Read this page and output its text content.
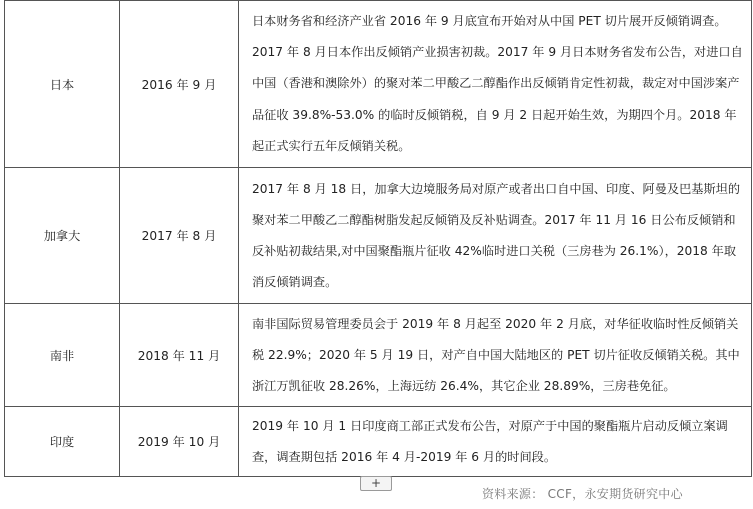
日本	2016 年 9 月	日本财务省和经济产业省 2016 年 9 月底宣布开始对从中国 PET 切片展开反倾销调查。2017 年 8 月日本作出反倾销产业损害初裁。2017 年 9 月日本财务省发布公告，对进口自中国（香港和澳除外）的聚对苯二甲酸乙二醇酯作出反倾销肯定性初裁，裁定对中国涉案产品征收 39.8%-53.0% 的临时反倾销税，自 9 月 2 日起开始生效，为期四个月。2018 年起正式实行五年反倾销关税。
加拿大	2017 年 8 月	2017 年 8 月 18 日，加拿大边境服务局对原产或者出口自中国、印度、阿曼及巴基斯坦的聚对苯二甲酸乙二醇酯树脂发起反倾销及反补贴调查。2017 年 11 月 16 日公布反倾销和反补贴初裁结果,对中国聚酯瓶片征收 42%临时进口关税（三房巷为 26.1%），2018 年取消反倾销调查。
南非	2018 年 11 月	南非国际贸易管理委员会于 2019 年 8 月起至 2020 年 2 月底，对华征收临时性反倾销关税 22.9%；2020 年 5 月 19 日，对产自中国大陆地区的 PET 切片征收反倾销关税。其中浙江万凯征收 28.26%，上海远纺 26.4%，其它企业 28.89%，三房巷免征。
印度	2019 年 10 月	2019 年 10 月 1 日印度商工部正式发布公告，对原产于中国的聚酯瓶片启动反倾立案调查，调查期包括 2016 年 4 月-2019 年 6 月的时间段。
+
资料来源： CCF，永安期货研究中心
